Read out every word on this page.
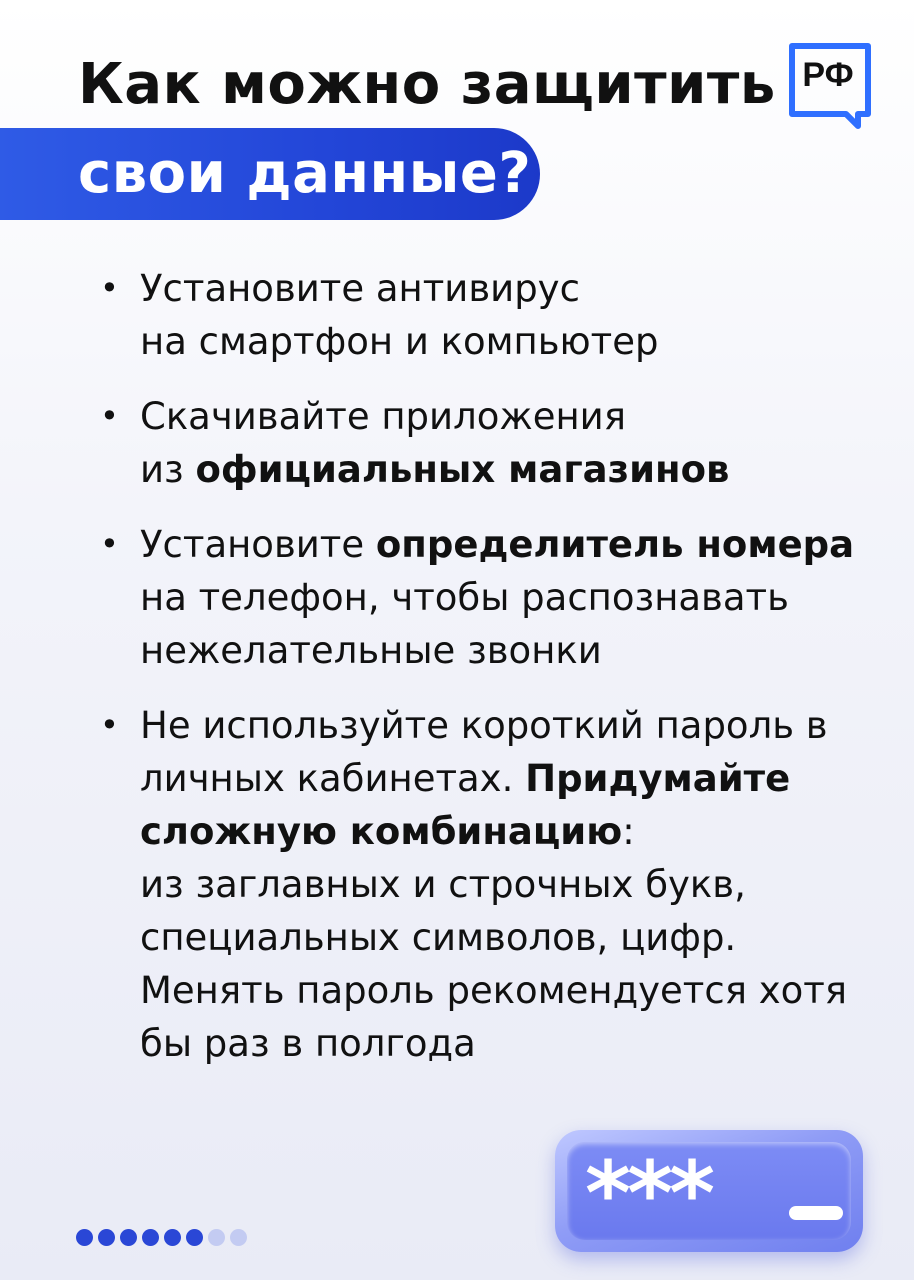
Как можно защитить
свои данные?
РФ
• Установите антивирус
на смартфон и компьютер
• Скачивайте приложения
из официальных магазинов
• Установите определитель номера на телефон, чтобы распознавать нежелательные звонки
• Не используйте короткий пароль в личных кабинетах. Придумайте сложную комбинацию:
из заглавных и строчных букв, специальных символов, цифр.
Менять пароль рекомендуется хотя бы раз в полгода
***
